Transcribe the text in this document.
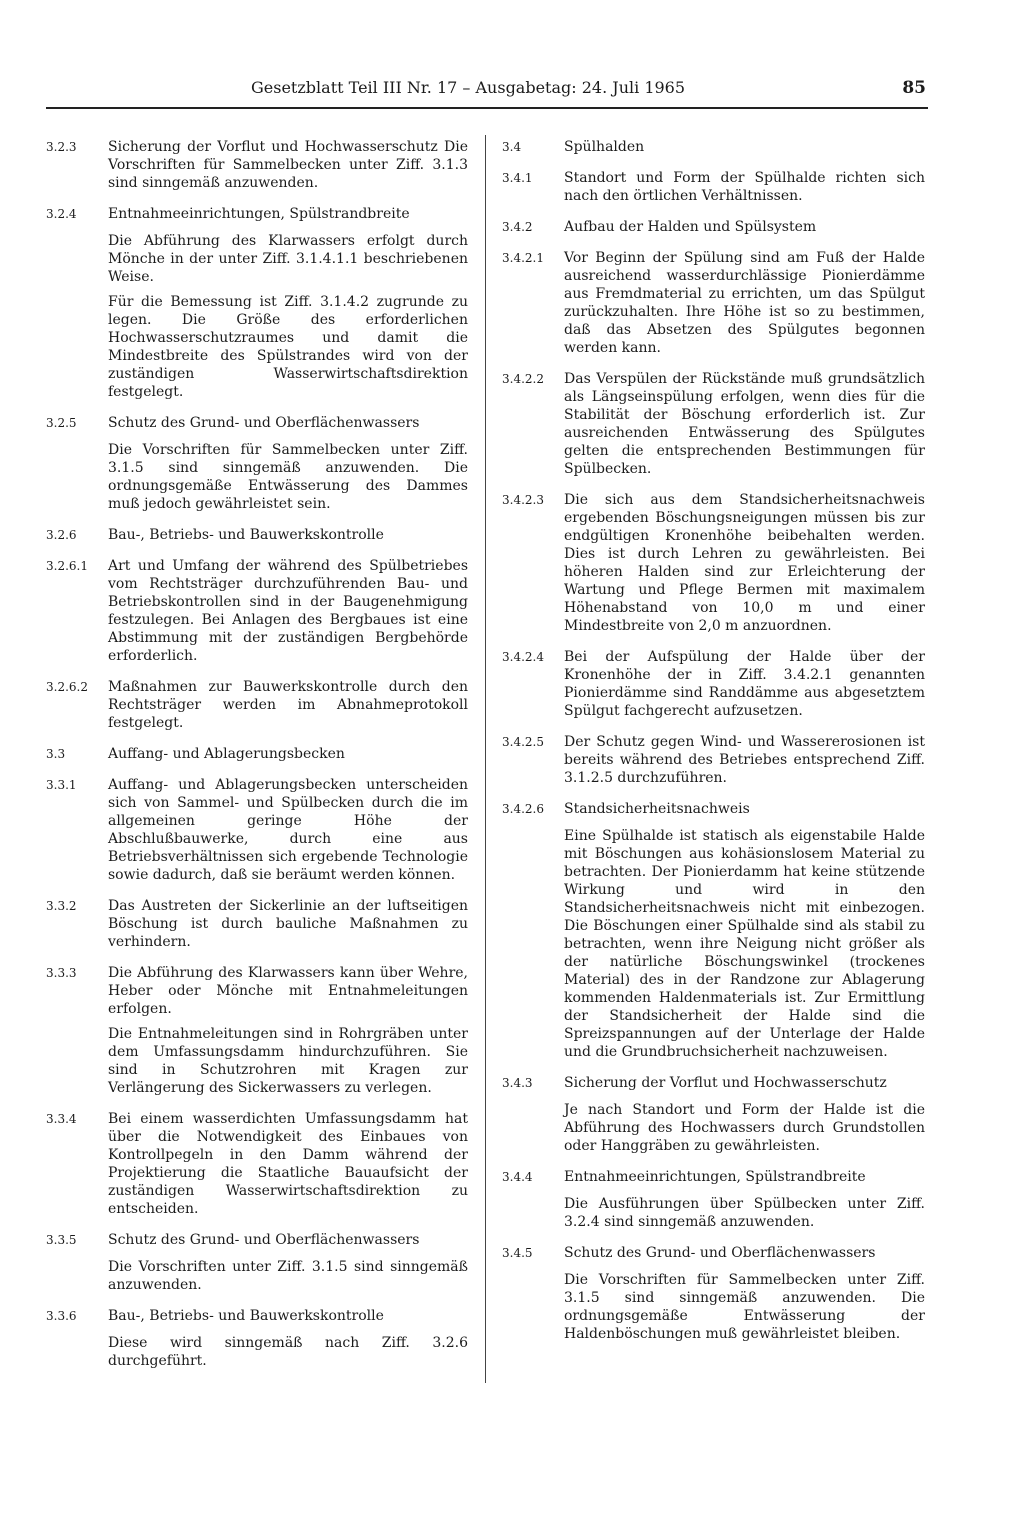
Gesetzblatt Teil III Nr. 17 – Ausgabetag: 24. Juli 1965	85
3.2.3 Sicherung der Vorflut und Hochwasserschutz Die Vorschriften für Sammelbecken unter Ziff. 3.1.3 sind sinngemäß anzuwenden.

3.2.4 Entnahmeeinrichtungen, Spülstrandbreite

Die Abführung des Klarwassers erfolgt durch Mönche in der unter Ziff. 3.1.4.1.1 beschriebenen Weise.

Für die Bemessung ist Ziff. 3.1.4.2 zugrunde zu legen. Die Größe des erforderlichen Hochwasserschutzraumes und damit die Mindestbreite des Spülstrandes wird von der zuständigen Wasserwirtschaftsdirektion festgelegt.

3.2.5 Schutz des Grund- und Oberflächenwassers

Die Vorschriften für Sammelbecken unter Ziff. 3.1.5 sind sinngemäß anzuwenden. Die ordnungsgemäße Entwässerung des Dammes muß jedoch gewährleistet sein.

3.2.6 Bau-, Betriebs- und Bauwerkskontrolle
3.2.6.1 Art und Umfang der während des Spülbetriebes vom Rechtsträger durchzuführenden Bau- und Betriebskontrollen sind in der Baugenehmigung festzulegen. Bei Anlagen des Bergbaues ist eine Abstimmung mit der zuständigen Bergbehörde erforderlich.

3.2.6.2 Maßnahmen zur Bauwerkskontrolle durch den Rechtsträger werden im Abnahmeprotokoll festgelegt.

3.3	Auffang- und Ablagerungsbecken
3.3.1 Auffang- und Ablagerungsbecken unterscheiden sich von Sammel- und Spülbecken durch die im allgemeinen geringe Höhe der Abschlußbauwerke, durch eine aus Betriebsverhältnissen sich ergebende Technologie sowie dadurch, daß sie beräumt werden können.

3.3.2 Das Austreten der Sickerlinie an der luftseitigen Böschung ist durch bauliche Maßnahmen zu verhindern.

3.3.3 Die Abführung des Klarwassers kann über Wehre, Heber oder Mönche mit Entnahmeleitungen erfolgen.

Die Entnahmeleitungen sind in Rohrgräben unter dem Umfassungsdamm hindurchzuführen. Sie sind in Schutzrohren mit Kragen zur Verlängerung des Sickerwassers zu verlegen.

3.3.4 Bei einem wasserdichten Umfassungsdamm hat über die Notwendigkeit des Einbaues von Kontrollpegeln in den Damm während der Projektierung die Staatliche Bauaufsicht der zuständigen Wasserwirtschaftsdirektion zu entscheiden.

3.3.5 Schutz des Grund- und Oberflächenwassers

Die Vorschriften unter Ziff. 3.1.5 sind sinngemäß anzuwenden.

3.3.6 Bau-, Betriebs- und Bauwerkskontrolle

Diese wird sinngemäß nach Ziff. 3.2.6 durchgeführt.

3.4	Spülhalden
3.4.1 Standort und Form der Spülhalde richten sich nach den örtlichen Verhältnissen.

3.4.2 Aufbau der Halden und Spülsystem
3.4.2.1 Vor Beginn der Spülung sind am Fuß der Halde ausreichend wasserdurchlässige Pionierdämme aus Fremdmaterial zu errichten, um das Spülgut zurückzuhalten. Ihre Höhe ist so zu bestimmen, daß das Absetzen des Spülgutes begonnen werden kann.

3.4.2.2 Das Verspülen der Rückstände muß grundsätzlich als Längseinspülung erfolgen, wenn dies für die Stabilität der Böschung erforderlich ist. Zur ausreichenden Entwässerung des Spülgutes gelten die entsprechenden Bestimmungen für Spülbecken.

3.4.2.3 Die sich aus dem Standsicherheitsnachweis ergebenden Böschungsneigungen müssen bis zur endgültigen Kronenhöhe beibehalten werden. Dies ist durch Lehren zu gewährleisten. Bei höheren Halden sind zur Erleichterung der Wartung und Pflege Bermen mit maximalem Höhenabstand von 10,0 m und einer Mindestbreite von 2,0 m anzuordnen.

3.4.2.4 Bei der Aufspülung der Halde über der Kronenhöhe der in Ziff. 3.4.2.1 genannten Pionierdämme sind Randdämme aus abgesetztem Spülgut fachgerecht aufzusetzen.

3.4.2.5 Der Schutz gegen Wind- und Wassererosionen ist bereits während des Betriebes entsprechend Ziff. 3.1.2.5 durchzuführen.

3.4.2.6 Standsicherheitsnachweis

Eine Spülhalde ist statisch als eigenstabile Halde mit Böschungen aus kohäsionslosem Material zu betrachten. Der Pionierdamm hat keine stützende Wirkung und wird in den Standsicherheitsnachweis nicht mit einbezogen. Die Böschungen einer Spülhalde sind als stabil zu betrachten, wenn ihre Neigung nicht größer als der natürliche Böschungswinkel (trockenes Material) des in der Randzone zur Ablagerung kommenden Haldenmaterials ist. Zur Ermittlung der Standsicherheit der Halde sind die Spreizspannungen auf der Unterlage der Halde und die Grundbruchsicherheit nachzuweisen.

3.4.3 Sicherung der Vorflut und Hochwasserschutz

Je nach Standort und Form der Halde ist die Abführung des Hochwassers durch Grundstollen oder Hanggräben zu gewährleisten.

3.4.4 Entnahmeeinrichtungen, Spülstrandbreite

Die Ausführungen über Spülbecken unter Ziff. 3.2.4 sind sinngemäß anzuwenden.

3.4.5 Schutz des Grund- und Oberflächenwassers

Die Vorschriften für Sammelbecken unter Ziff. 3.1.5 sind sinngemäß anzuwenden. Die ordnungsgemäße Entwässerung der Haldenböschungen muß gewährleistet bleiben.
